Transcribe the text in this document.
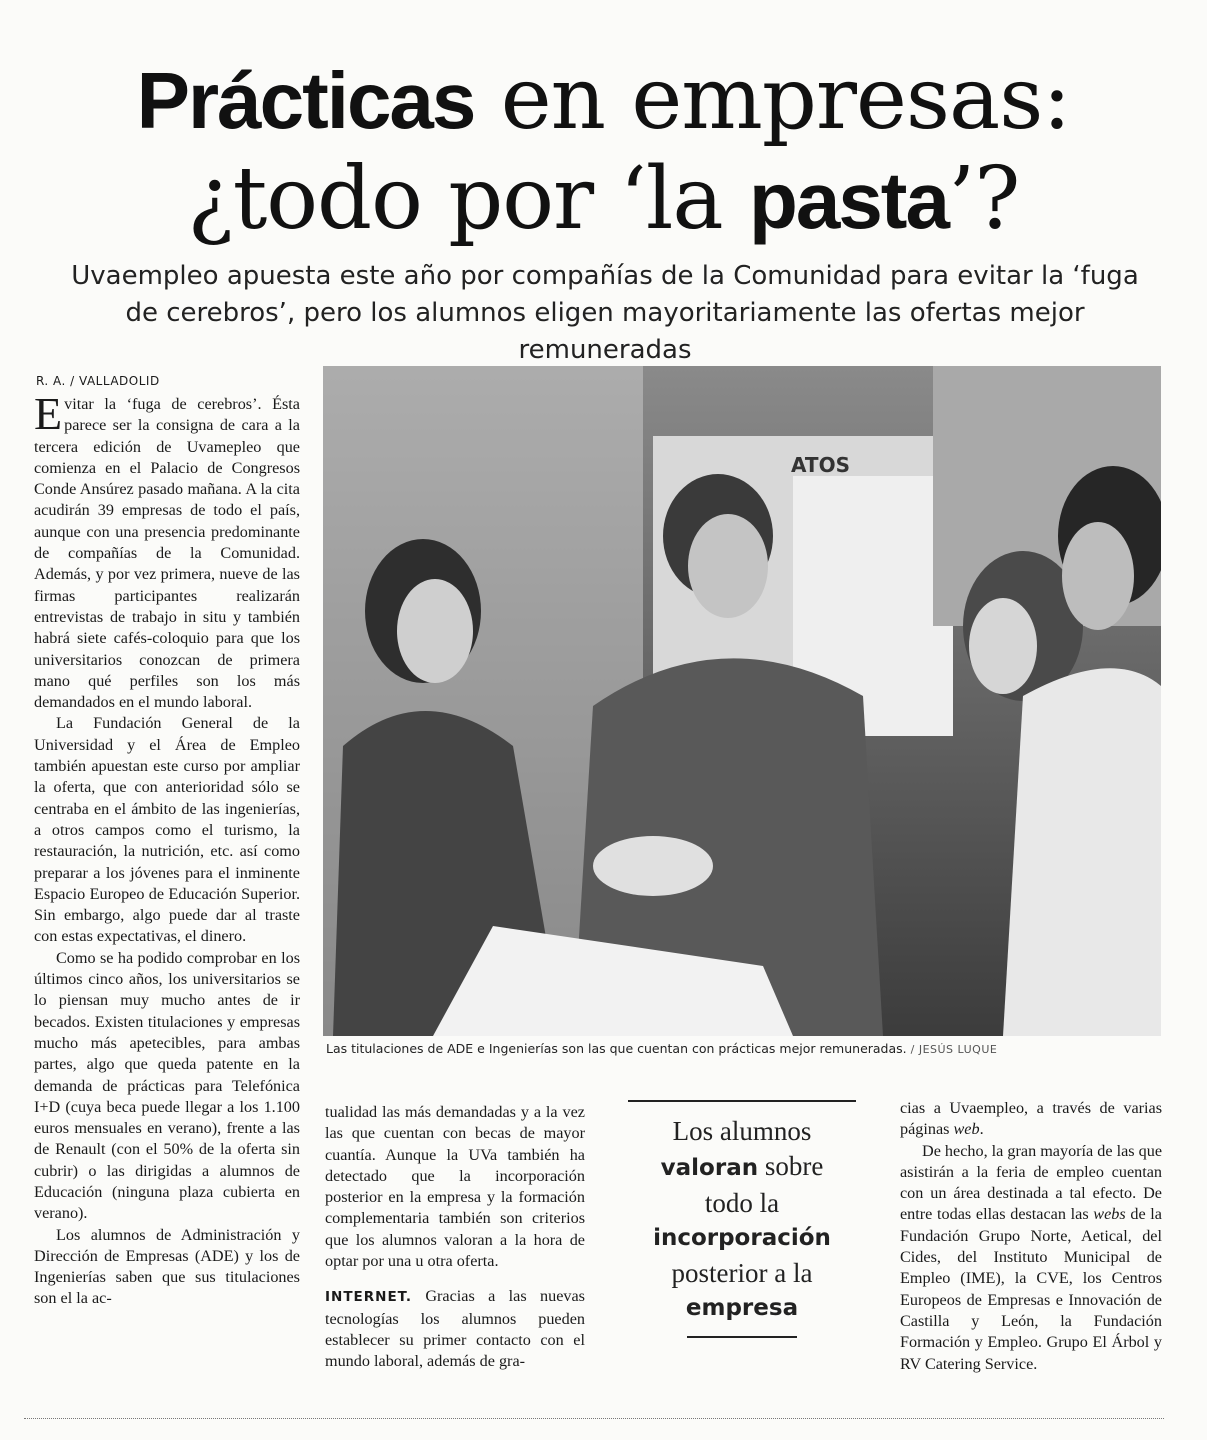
Prácticas en empresas:
¿todo por ‘la pasta’?
Uvaempleo apuesta este año por compañías de la Comunidad para evitar la ‘fuga de cerebros’, pero los alumnos eligen mayoritariamente las ofertas mejor remuneradas
R. A. / VALLADOLID

Evitar la ‘fuga de cerebros’. Ésta parece ser la consigna de cara a la tercera edición de Uvamepleo que comienza en el Palacio de Congresos Conde Ansúrez pasado mañana. A la cita acudirán 39 empresas de todo el país, aunque con una presencia predominante de compañías de la Comunidad. Además, y por vez primera, nueve de las firmas participantes realizarán entrevistas de trabajo in situ y también habrá siete cafés-coloquio para que los universitarios conozcan de primera mano qué perfiles son los más demandados en el mundo laboral.

La Fundación General de la Universidad y el Área de Empleo también apuestan este curso por ampliar la oferta, que con anterioridad sólo se centraba en el ámbito de las ingenierías, a otros campos como el turismo, la restauración, la nutrición, etc. así como preparar a los jóvenes para el inminente Espacio Europeo de Educación Superior. Sin embargo, algo puede dar al traste con estas expectativas, el dinero.

Como se ha podido comprobar en los últimos cinco años, los universitarios se lo piensan muy mucho antes de ir becados. Existen titulaciones y empresas mucho más apetecibles, para ambas partes, algo que queda patente en la demanda de prácticas para Telefónica I+D (cuya beca puede llegar a los 1.100 euros mensuales en verano), frente a las de Renault (con el 50% de la oferta sin cubrir) o las dirigidas a alumnos de Educación (ninguna plaza cubierta en verano).

Los alumnos de Administración y Dirección de Empresas (ADE) y los de Ingenierías saben que sus titulaciones son el la ac-

ATOS
Las titulaciones de ADE e Ingenierías son las que cuentan con prácticas mejor remuneradas. / JESÚS LUQUE

tualidad las más demandadas y a la vez las que cuentan con becas de mayor cuantía. Aunque la UVa también ha detectado que la incorporación posterior en la empresa y la formación complementaria también son criterios que los alumnos valoran a la hora de optar por una u otra oferta.

INTERNET. Gracias a las nuevas tecnologías los alumnos pueden establecer su primer contacto con el mundo laboral, además de gra-

Los alumnos
valoran sobre
todo la
incorporación
posterior a la
empresa

cias a Uvaempleo, a través de varias páginas web.

De hecho, la gran mayoría de las que asistirán a la feria de empleo cuentan con un área destinada a tal efecto. De entre todas ellas destacan las webs de la Fundación Grupo Norte, Aetical, del Cides, del Instituto Municipal de Empleo (IME), la CVE, los Centros Europeos de Empresas e Innovación de Castilla y León, la Fundación Formación y Empleo. Grupo El Árbol y RV Catering Service.
